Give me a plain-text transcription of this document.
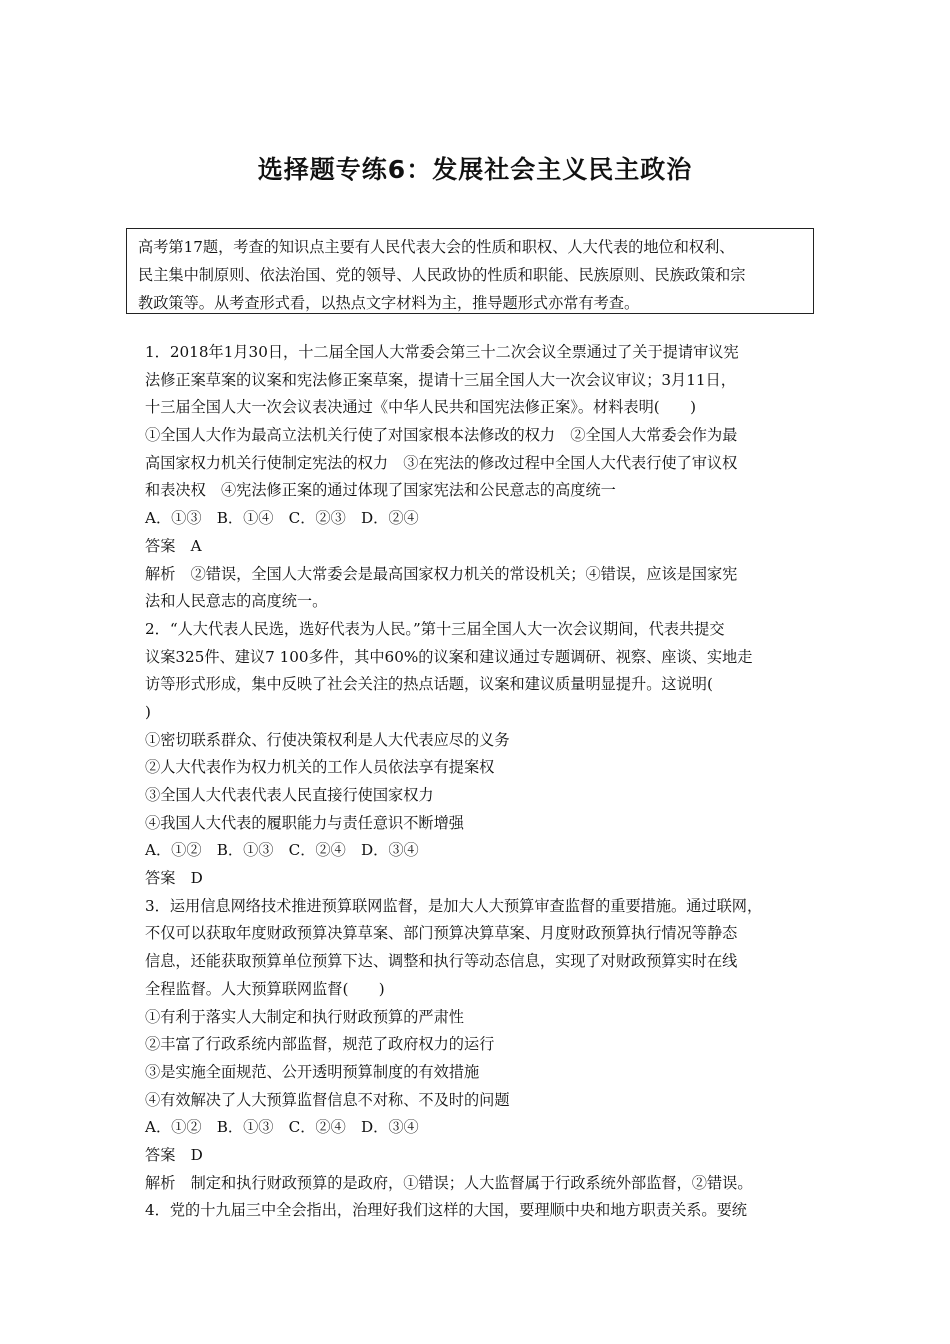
选择题专练6：发展社会主义民主政治
高考第17题，考查的知识点主要有人民代表大会的性质和职权、人大代表的地位和权利、
民主集中制原则、依法治国、党的领导、人民政协的性质和职能、民族原则、民族政策和宗
教政策等。从考查形式看，以热点文字材料为主，推导题形式亦常有考查。
1．2018年1月30日，十二届全国人大常委会第三十二次会议全票通过了关于提请审议宪
法修正案草案的议案和宪法修正案草案，提请十三届全国人大一次会议审议；3月11日，
十三届全国人大一次会议表决通过《中华人民共和国宪法修正案》。材料表明(　　)
①全国人大作为最高立法机关行使了对国家根本法修改的权力　②全国人大常委会作为最
高国家权力机关行使制定宪法的权力　③在宪法的修改过程中全国人大代表行使了审议权
和表决权　④宪法修正案的通过体现了国家宪法和公民意志的高度统一
A．①③　B．①④　C．②③　D．②④
答案　A
解析　②错误，全国人大常委会是最高国家权力机关的常设机关；④错误，应该是国家宪
法和人民意志的高度统一。
2．“人大代表人民选，选好代表为人民。”第十三届全国人大一次会议期间，代表共提交
议案325件、建议7 100多件，其中60%的议案和建议通过专题调研、视察、座谈、实地走
访等形式形成，集中反映了社会关注的热点话题，议案和建议质量明显提升。这说明(
)
①密切联系群众、行使决策权利是人大代表应尽的义务
②人大代表作为权力机关的工作人员依法享有提案权
③全国人大代表代表人民直接行使国家权力
④我国人大代表的履职能力与责任意识不断增强
A．①②　B．①③　C．②④　D．③④
答案　D
3．运用信息网络技术推进预算联网监督，是加大人大预算审查监督的重要措施。通过联网，
不仅可以获取年度财政预算决算草案、部门预算决算草案、月度财政预算执行情况等静态
信息，还能获取预算单位预算下达、调整和执行等动态信息，实现了对财政预算实时在线
全程监督。人大预算联网监督(　　)
①有利于落实人大制定和执行财政预算的严肃性
②丰富了行政系统内部监督，规范了政府权力的运行
③是实施全面规范、公开透明预算制度的有效措施
④有效解决了人大预算监督信息不对称、不及时的问题
A．①②　B．①③　C．②④　D．③④
答案　D
解析　制定和执行财政预算的是政府，①错误；人大监督属于行政系统外部监督，②错误。
4．党的十九届三中全会指出，治理好我们这样的大国，要理顺中央和地方职责关系。要统
